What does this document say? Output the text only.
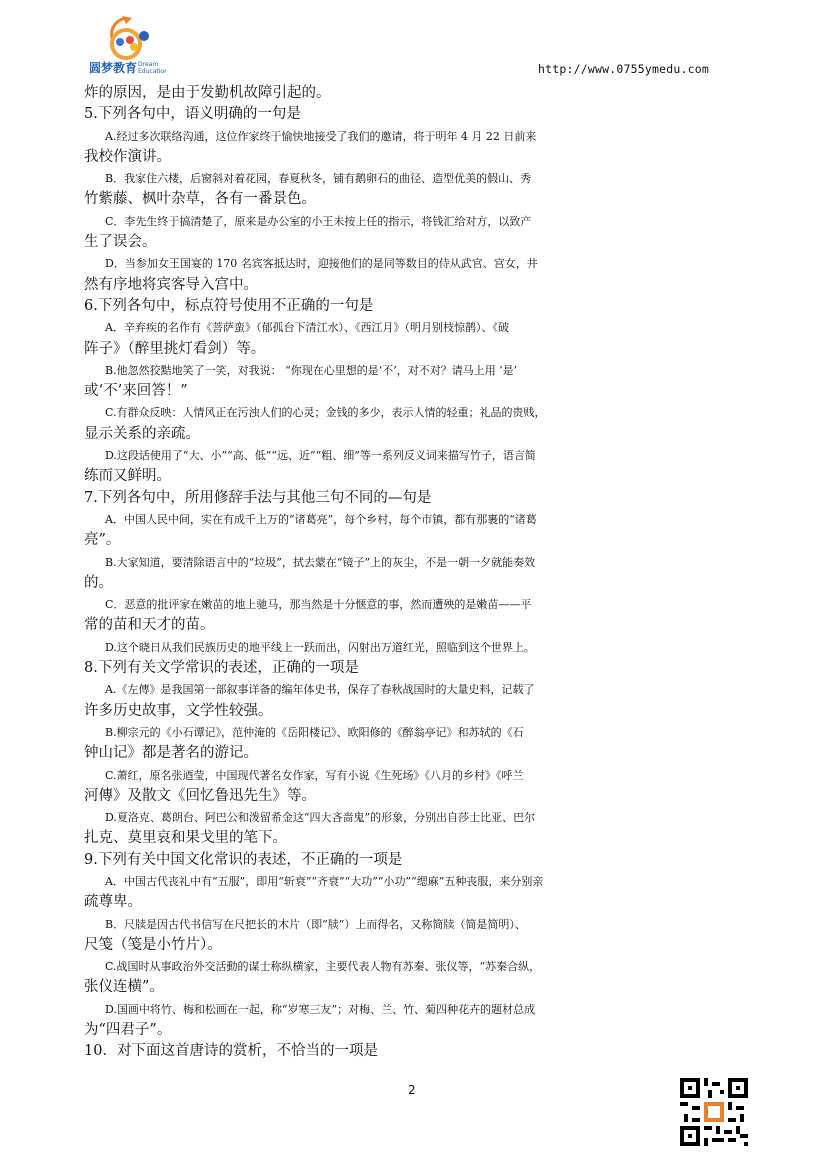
圆梦教育 Dream
Education	http://www.0755ymedu.com
炸的原因，是由于发勤机故障引起的。
5.下列各句中，语义明确的一句是
A.经过多次联络沟通，这位作家终于愉快地接受了我们的邀请，将于明年 4 月 22 日前来
我校作演讲。
B．我家住六楼，后窗斜对着花园，春夏秋冬，铺有鹅卵石的曲径、造型优美的假山、秀
竹紫藤、枫叶杂草，各有一番景色。
C．李先生终于搞清楚了，原来是办公室的小王未按上任的指示，将钱汇给对方，以致产
生了误会。
D．当参加女王国宴的 170 名宾客抵达时，迎接他们的是同等数目的侍从武官、宫女，井
然有序地将宾客导入宫中。
6.下列各句中，标点符号使用不正确的一句是
A．辛弃疾的名作有《菩萨蛮》（郁孤台下清江水）、《西江月》（明月别枝惊鹊）、《破
阵子》（醉里挑灯看剑）等。
B.他忽然狡黠地笑了一笑，对我说： “你现在心里想的是‘不’，对不对？请马上用 ‘是’
或‘不’来回答！”
C.有群众反映：人情风正在污浊人们的心灵；金钱的多少，表示人情的轻重；礼品的贵贱，
显示关系的亲疏。
D.这段话使用了“大、小”“高、低”“远、近”“粗、细”等一系列反义词来描写竹子，语言简
练而又鲜明。
7.下列各句中，所用修辞手法与其他三句不同的—句是
A．中国人民中间，实在有成千上万的“诸葛亮”，每个乡村，每个市镇，都有那裹的“诸葛
亮”。
B.大家知道，要清除语言中的“垃圾”，拭去蒙在“镜子”上的灰尘，不是一朝一夕就能奏效
的。
C．恶意的批评家在嫩苗的地上驰马，那当然是十分惬意的事，然而遭殃的是嫩苗——平
常的苗和天才的苗。
D.这个晓日从我们民族历史的地平线上一跃而出，闪射出万道红光，照临到这个世界上。
8.下列有关文学常识的表述，正确的一项是
A.《左傳》是我国第一部叙事详备的编年体史书，保存了春秋战国时的大量史料，记载了
许多历史故事，文学性较强。
B.柳宗元的《小石谭记》，范仲淹的《岳阳楼记》、欧阳修的《醉翁亭记》和苏轼的《石
钟山记》都是著名的游记。
C.萧红，原名张迺莹，中国现代著名女作家，写有小说《生死场》《八月的乡村》《呼兰
河傳》及散文《回忆鲁迅先生》等。
D.夏洛克、葛朗台、阿巴公和泼留希金这“四大吝啬鬼”的形象，分别出自莎士比亚、巴尔
扎克、莫里哀和果戈里的笔下。
9.下列有关中国文化常识的表述，不正确的一项是
A．中国古代丧礼中有“五服”，即用“斩衰”“齐衰”“大功”“小功”“缌麻”五种丧服，来分别亲
疏尊卑。
B．尺牍是因古代书信写在尺把长的木片（即“牍”）上而得名，又称简牍（简是简明）、
尺笺（笺是小竹片）。
C.战国时从事政治外交活動的谋士称纵横家，主要代表人物有苏秦、张仪等，“苏秦合纵，
张仪连横”。
D.国画中将竹、梅和松画在一起，称“岁寒三友”；对梅、兰、竹、菊四种花卉的题材总成
为“四君子”。
10．对下面这首唐诗的赏析，不恰当的一项是
2
